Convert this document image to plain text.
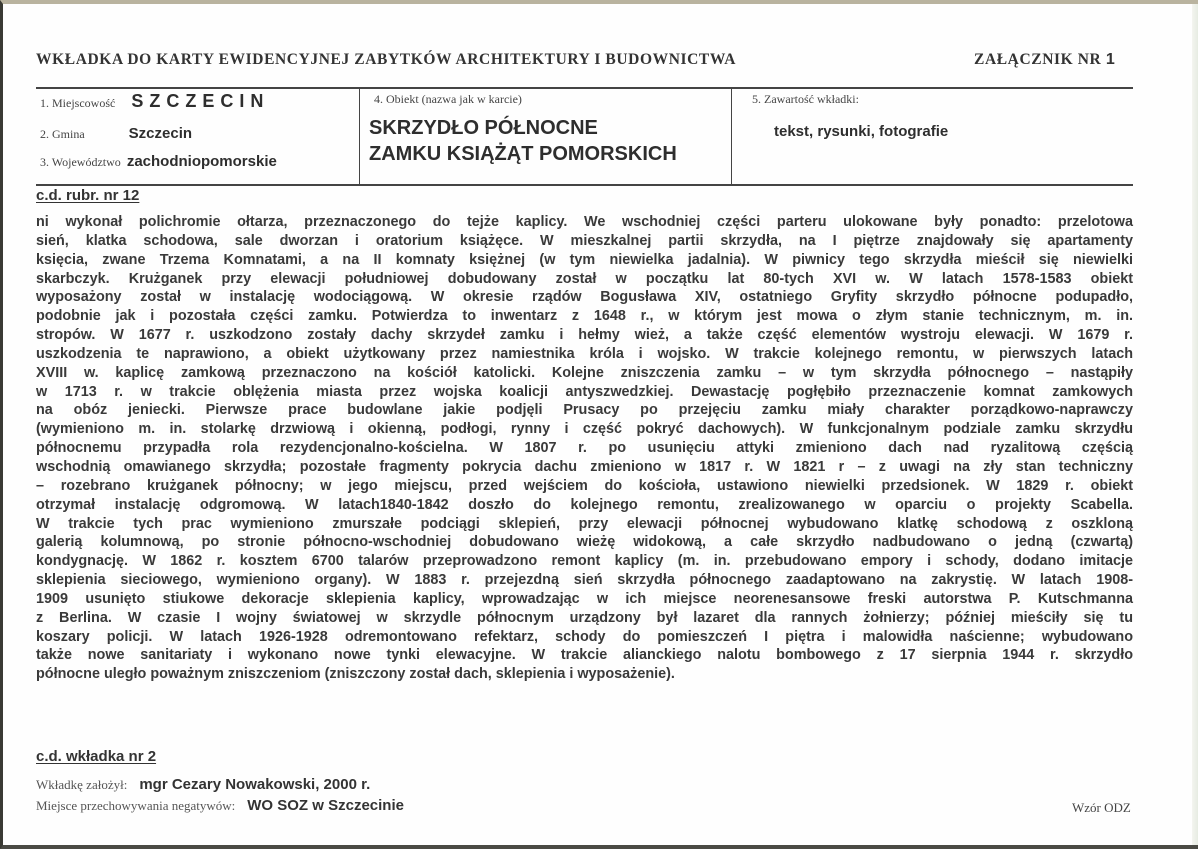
WKŁADKA DO KARTY EWIDENCYJNEJ ZABYTKÓW ARCHITEKTURY I BUDOWNICTWA	ZAŁĄCZNIK NR 1
1. Miejscowość SZCZECIN
2. Gmina	Szczecin
3. Województwo zachodniopomorskie
4. Obiekt (nazwa jak w karcie)
SKRZYDŁO PÓŁNOCNE
ZAMKU KSIĄŻĄT POMORSKICH
5. Zawartość wkładki:
tekst, rysunki, fotografie
c.d. rubr. nr 12
ni wykonał polichromie ołtarza, przeznaczonego do tejże kaplicy. We wschodniej części parteru ulokowane były ponadto: przelotowa
sień, klatka schodowa, sale dworzan i oratorium książęce. W mieszkalnej partii skrzydła, na I piętrze znajdowały się apartamenty
księcia, zwane Trzema Komnatami, a na II komnaty księżnej (w tym niewielka jadalnia). W piwnicy tego skrzydła mieścił się niewielki
skarbczyk. Krużganek przy elewacji południowej dobudowany został w początku lat 80-tych XVI w. W latach 1578-1583 obiekt
wyposażony został w instalację wodociągową. W okresie rządów Bogusława XIV, ostatniego Gryfity skrzydło północne podupadło,
podobnie jak i pozostała części zamku. Potwierdza to inwentarz z 1648 r., w którym jest mowa o złym stanie technicznym, m. in.
stropów. W 1677 r. uszkodzono zostały dachy skrzydeł zamku i hełmy wież, a także część elementów wystroju elewacji. W 1679 r.
uszkodzenia te naprawiono, a obiekt użytkowany przez namiestnika króla i wojsko. W trakcie kolejnego remontu, w pierwszych latach
XVIII w. kaplicę zamkową przeznaczono na kościół katolicki. Kolejne zniszczenia zamku – w tym skrzydła północnego – nastąpiły
w 1713 r. w trakcie oblężenia miasta przez wojska koalicji antyszwedzkiej. Dewastację pogłębiło przeznaczenie komnat zamkowych
na obóz jeniecki. Pierwsze prace budowlane jakie podjęli Prusacy po przejęciu zamku miały charakter porządkowo-naprawczy
(wymieniono m. in. stolarkę drzwiową i okienną, podłogi, rynny i część pokryć dachowych). W funkcjonalnym podziale zamku skrzydłu
północnemu przypadła rola rezydencjonalno-kościelna. W 1807 r. po usunięciu attyki zmieniono dach nad ryzalitową częścią
wschodnią omawianego skrzydła; pozostałe fragmenty pokrycia dachu zmieniono w 1817 r. W 1821 r – z uwagi na zły stan techniczny
– rozebrano krużganek północny; w jego miejscu, przed wejściem do kościoła, ustawiono niewielki przedsionek. W 1829 r. obiekt
otrzymał instalację odgromową. W latach1840-1842 doszło do kolejnego remontu, zrealizowanego w oparciu o projekty Scabella.
W trakcie tych prac wymieniono zmurszałe podciągi sklepień, przy elewacji północnej wybudowano klatkę schodową z oszkloną
galerią kolumnową, po stronie północno-wschodniej dobudowano wieżę widokową, a całe skrzydło nadbudowano o jedną (czwartą)
kondygnację. W 1862 r. kosztem 6700 talarów przeprowadzono remont kaplicy (m. in. przebudowano empory i schody, dodano imitacje
sklepienia sieciowego, wymieniono organy). W 1883 r. przejezdną sień skrzydła północnego zaadaptowano na zakrystię. W latach 1908-
1909 usunięto stiukowe dekoracje sklepienia kaplicy, wprowadzając w ich miejsce neorenesansowe freski autorstwa P. Kutschmanna
z Berlina. W czasie I wojny światowej w skrzydle północnym urządzony był lazaret dla rannych żołnierzy; później mieściły się tu
koszary policji. W latach 1926-1928 odremontowano refektarz, schody do pomieszczeń I piętra i malowidła naścienne; wybudowano
także nowe sanitariaty i wykonano nowe tynki elewacyjne. W trakcie alianckiego nalotu bombowego z 17 sierpnia 1944 r. skrzydło
północne uległo poważnym zniszczeniom (zniszczony został dach, sklepienia i wyposażenie).
c.d. wkładka nr 2
Wkładkę założył: mgr Cezary Nowakowski, 2000 r.
Miejsce przechowywania negatywów: WO SOZ w Szczecinie	Wzór ODZ
